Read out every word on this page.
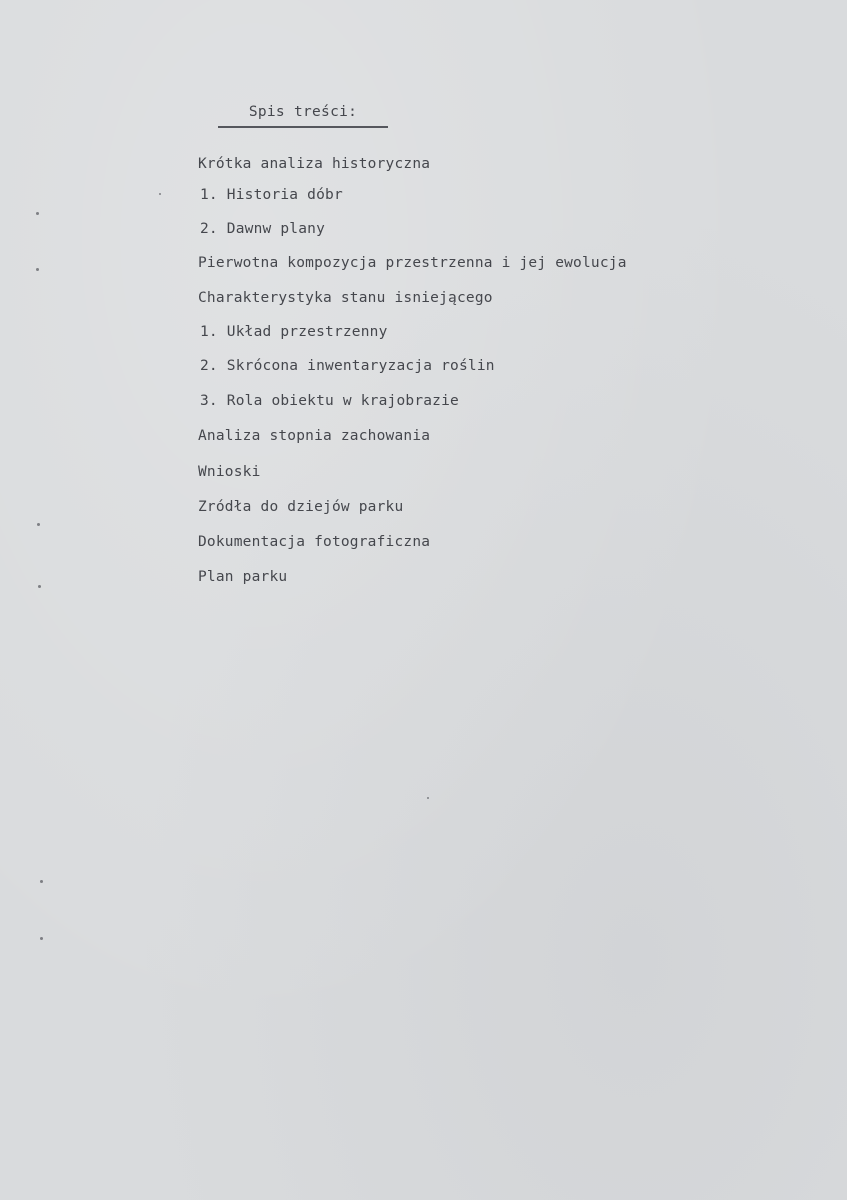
Spis treści:
Krótka analiza historyczna
1. Historia dóbr
2. Dawnw plany
Pierwotna kompozycja przestrzenna i jej ewolucja
Charakterystyka stanu isniejącego
1. Układ przestrzenny
2. Skrócona inwentaryzacja roślin
3. Rola obiektu w krajobrazie
Analiza stopnia zachowania
Wnioski
Zródła do dziejów parku
Dokumentacja fotograficzna
Plan parku
